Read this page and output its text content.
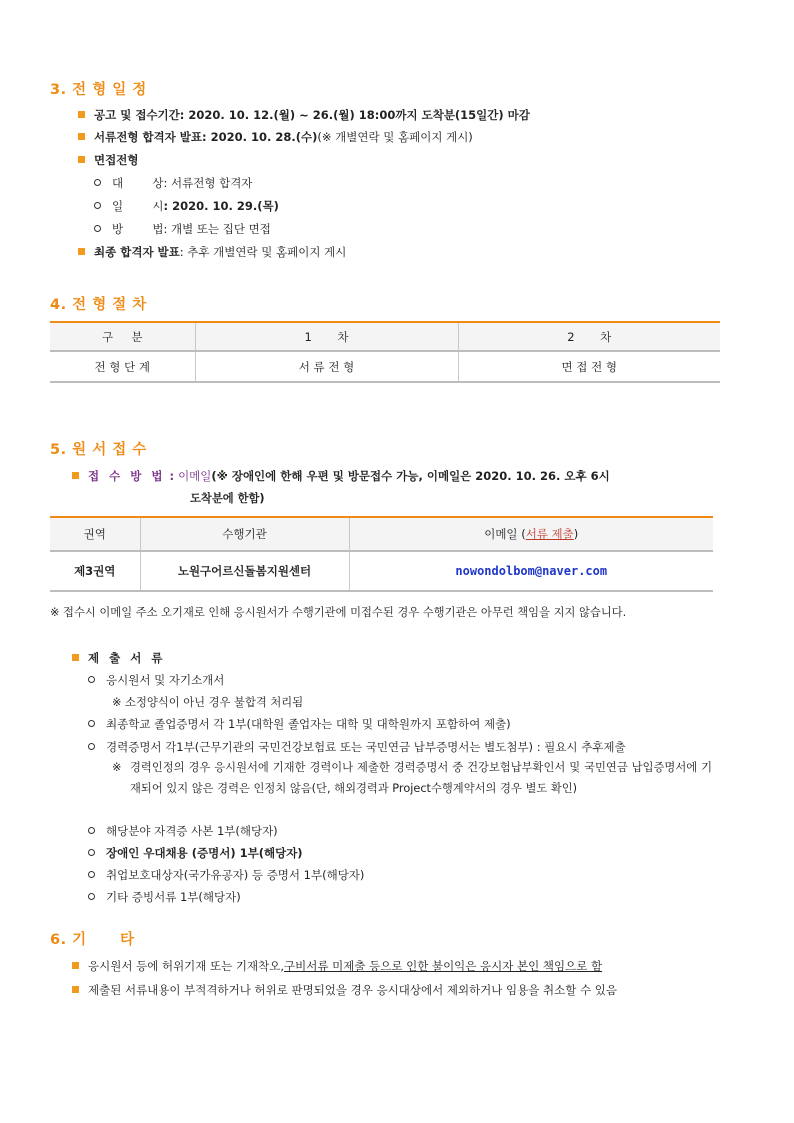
3. 전 형 일 정
공고 및 접수기간 : 2020. 10. 12.(월) ~ 26.(월) 18:00까지 도착분(15일간) 마감
서류전형 합격자 발표 : 2020. 10. 28.(수) (※ 개별연락 및 홈페이지 게시)
면접전형
대        상 : 서류전형 합격자
일        시 : 2020. 10. 29.(목)
방        법 : 개별 또는 집단 면접
최종 합격자 발표 : 추후 개별연락 및 홈페이지 게시
4. 전 형 절 차
구     분	1       차	2       차
전 형 단 계	서 류 전 형	면 접 전 형
5. 원 서 접 수
접 수 방 법 : 이메일 (※ 장애인에 한해 우편 및 방문접수 가능, 이메일은 2020. 10. 26. 오후 6시
도착분에 한함)
권역	수행기관	이메일 (서류 제출)
제3권역	노원구어르신돌봄지원센터	nowondolbom@naver.com
※ 접수시 이메일 주소 오기재로 인해 응시원서가 수행기관에 미접수된 경우 수행기관은 아무런 책임을 지지 않습니다.
제 출 서 류
응시원서 및 자기소개서
※ 소정양식이 아닌 경우 불합격 처리됨
최종학교 졸업증명서 각 1부(대학원 졸업자는 대학 및 대학원까지 포함하여 제출)
경력증명서 각1부(근무기관의 국민건강보험료 또는 국민연금 납부증명서는 별도첨부) : 필요시 추후제출
※ 경력인정의 경우 응시원서에 기재한 경력이나 제출한 경력증명서 중 건강보험납부확인서 및 국민연금 납입증명서에 기재되어 있지 않은 경력은 인정치 않음(단, 해외경력과 Project수행계약서의 경우 별도 확인)
해당분야 자격증 사본 1부(해당자)
장애인 우대채용 (증명서) 1부(해당자)
취업보호대상자(국가유공자) 등 증명서 1부(해당자)
기타 증빙서류 1부(해당자)
6. 기      타
응시원서 등에 허위기재 또는 기재착오, 구비서류 미제출 등으로 인한 불이익은 응시자 본인 책임으로 함
제출된 서류내용이 부적격하거나 허위로 판명되었을 경우 응시대상에서 제외하거나 임용을 취소할 수 있음
